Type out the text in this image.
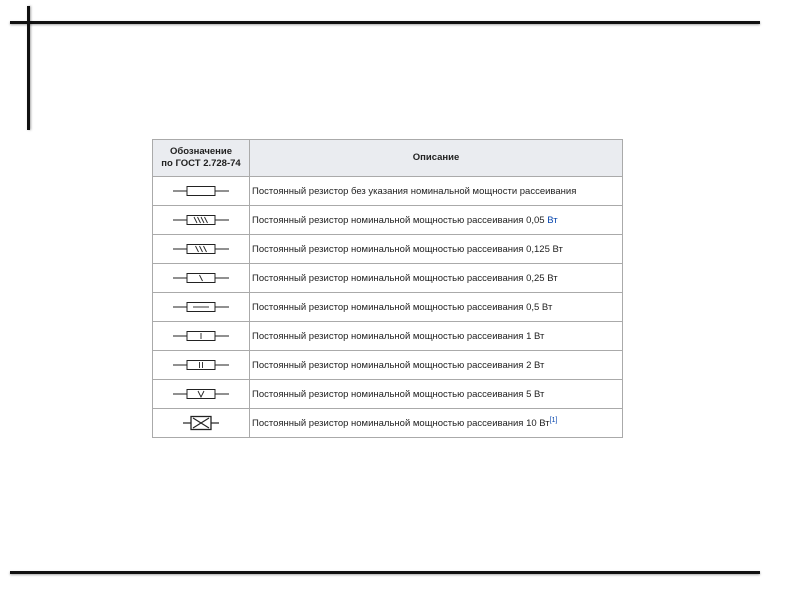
Обозначение
по ГОСТ 2.728-74	Описание

	Постоянный резистор без указания номинальной мощности рассеивания

	Постоянный резистор номинальной мощностью рассеивания 0,05 Вт

	Постоянный резистор номинальной мощностью рассеивания 0,125 Вт

	Постоянный резистор номинальной мощностью рассеивания 0,25 Вт

	Постоянный резистор номинальной мощностью рассеивания 0,5 Вт

	Постоянный резистор номинальной мощностью рассеивания 1 Вт

	Постоянный резистор номинальной мощностью рассеивания 2 Вт

	Постоянный резистор номинальной мощностью рассеивания 5 Вт

	Постоянный резистор номинальной мощностью рассеивания 10 Вт[1]
